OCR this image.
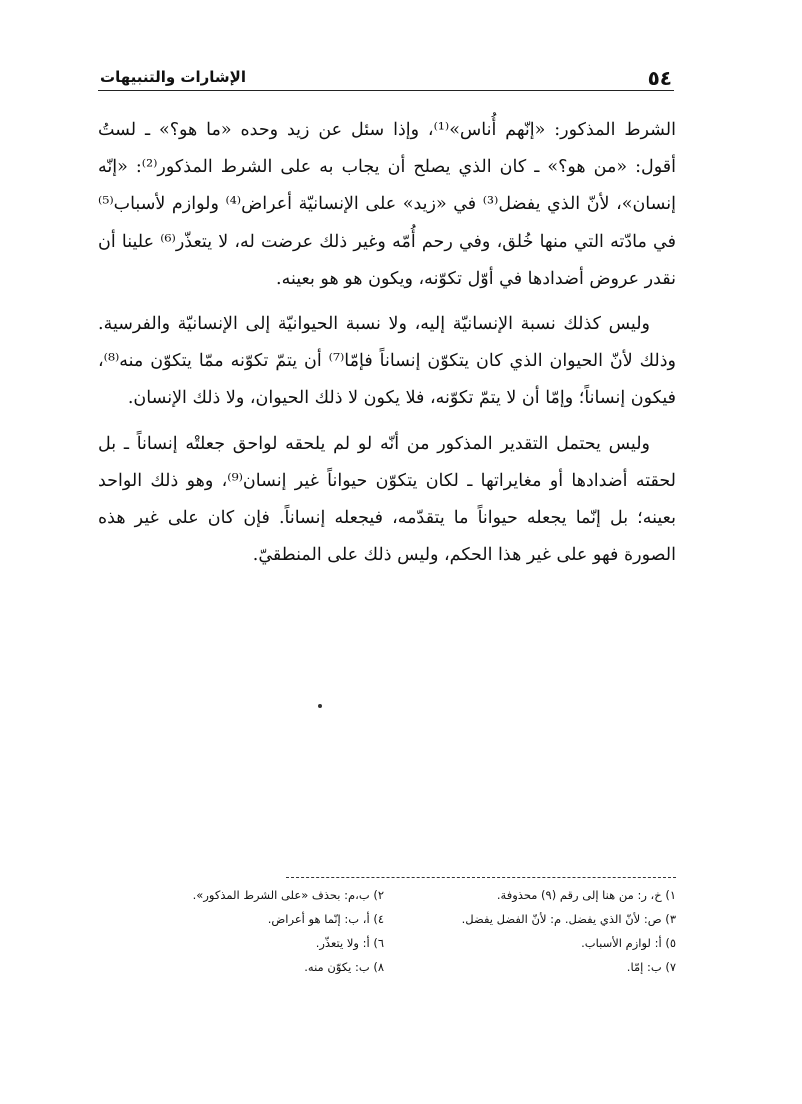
٥٤
الإشارات والتنبيهات

الشرط المذكور: «إنّهم أُناس»⁽¹⁾، وإذا سئل عن زيد وحده «ما هو؟» ـ لستُ أقول: «من هو؟» ـ كان الذي يصلح أن يجاب به على الشرط المذكور⁽²⁾: «إنّه إنسان»، لأنّ الذي يفضل⁽³⁾ في «زيد» على الإنسانيّة أعراض⁽⁴⁾ ولوازم لأسباب⁽⁵⁾ في مادّته التي منها خُلق، وفي رحم أُمّه وغير ذلك عرضت له، لا يتعذّر⁽⁶⁾ علينا أن نقدر عروض أضدادها في أوّل تكوّنه، ويكون هو هو بعينه.

وليس كذلك نسبة الإنسانيّة إليه، ولا نسبة الحيوانيّة إلى الإنسانيّة والفرسية. وذلك لأنّ الحيوان الذي كان يتكوّن إنساناً فإمّا⁽⁷⁾ أن يتمّ تكوّنه ممّا يتكوّن منه⁽⁸⁾، فيكون إنساناً؛ وإمّا أن لا يتمّ تكوّنه، فلا يكون لا ذلك الحيوان، ولا ذلك الإنسان.

وليس يحتمل التقدير المذكور من أنّه لو لم يلحقه لواحق جعلتْه إنساناً ـ بل لحقته أضدادها أو مغايراتها ـ لكان يتكوّن حيواناً غير إنسان⁽⁹⁾، وهو ذلك الواحد بعينه؛ بل إنّما يجعله حيواناً ما يتقدّمه، فيجعله إنساناً. فإن كان على غير هذه الصورة فهو على غير هذا الحكم، وليس ذلك على المنطقيّ.

١) خ، ر: من هنا إلى رقم (٩) محذوفة.
٢) ب،م: بحذف «على الشرط المذكور».
٣) ص: لأنّ الذي يفضل. م: لأنّ الفضل يفضل.
٤) أ، ب: إنّما هو أعراض.
٥) أ: لوازم الأسباب.
٦) أ: ولا يتعذّر.
٧) ب: إمّا.
٨) ب: يكوّن منه.
